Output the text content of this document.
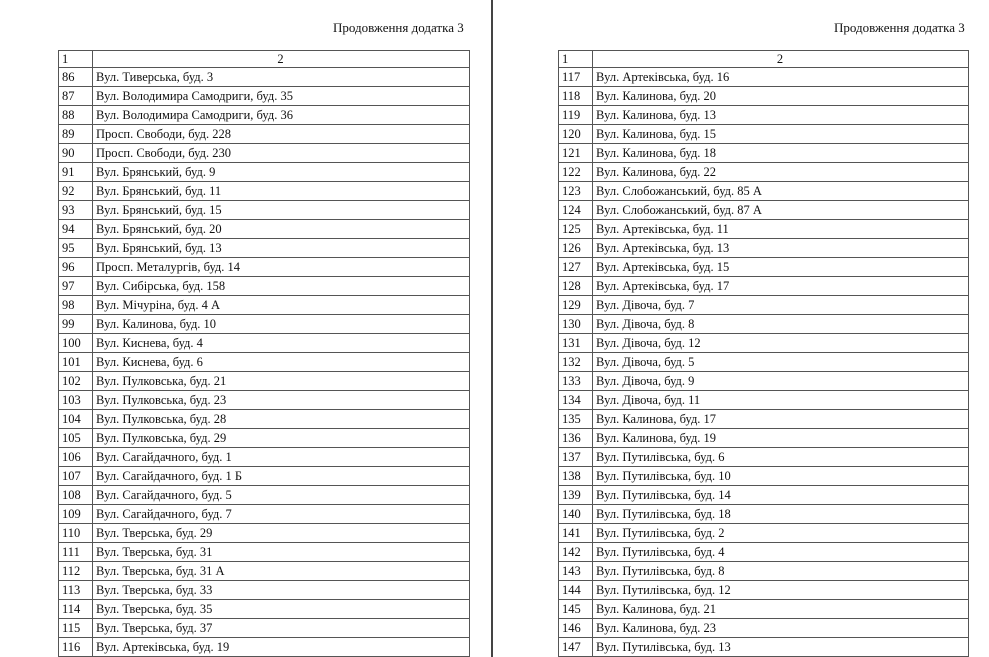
Продовження додатка 3
1	2
86	Вул. Тиверська, буд. 3
87	Вул. Володимира Самодриги, буд. 35
88	Вул. Володимира Самодриги, буд. 36
89	Просп. Свободи, буд. 228
90	Просп. Свободи, буд. 230
91	Вул. Брянський, буд. 9
92	Вул. Брянський, буд. 11
93	Вул. Брянський, буд. 15
94	Вул. Брянський, буд. 20
95	Вул. Брянський, буд. 13
96	Просп. Металургів, буд. 14
97	Вул. Сибірська, буд. 158
98	Вул. Мічуріна, буд. 4 А
99	Вул. Калинова, буд. 10
100	Вул. Киснева, буд. 4
101	Вул. Киснева, буд. 6
102	Вул. Пулковська, буд. 21
103	Вул. Пулковська, буд. 23
104	Вул. Пулковська, буд. 28
105	Вул. Пулковська, буд. 29
106	Вул. Сагайдачного, буд. 1
107	Вул. Сагайдачного, буд. 1 Б
108	Вул. Сагайдачного, буд. 5
109	Вул. Сагайдачного, буд. 7
110	Вул. Тверська, буд. 29
111	Вул. Тверська, буд. 31
112	Вул. Тверська, буд. 31 А
113	Вул. Тверська, буд. 33
114	Вул. Тверська, буд. 35
115	Вул. Тверська, буд. 37
116	Вул. Артеківська, буд. 19
Продовження додатка 3
1	2
117	Вул. Артеківська, буд. 16
118	Вул. Калинова, буд. 20
119	Вул. Калинова, буд. 13
120	Вул. Калинова, буд. 15
121	Вул. Калинова, буд. 18
122	Вул. Калинова, буд. 22
123	Вул. Слобожанський, буд. 85 А
124	Вул. Слобожанський, буд. 87 А
125	Вул. Артеківська, буд. 11
126	Вул. Артеківська, буд. 13
127	Вул. Артеківська, буд. 15
128	Вул. Артеківська, буд. 17
129	Вул. Дівоча, буд. 7
130	Вул. Дівоча, буд. 8
131	Вул. Дівоча, буд. 12
132	Вул. Дівоча, буд. 5
133	Вул. Дівоча, буд. 9
134	Вул. Дівоча, буд. 11
135	Вул. Калинова, буд. 17
136	Вул. Калинова, буд. 19
137	Вул. Путилівська, буд. 6
138	Вул. Путилівська, буд. 10
139	Вул. Путилівська, буд. 14
140	Вул. Путилівська, буд. 18
141	Вул. Путилівська, буд. 2
142	Вул. Путилівська, буд. 4
143	Вул. Путилівська, буд. 8
144	Вул. Путилівська, буд. 12
145	Вул. Калинова, буд. 21
146	Вул. Калинова, буд. 23
147	Вул. Путилівська, буд. 13
